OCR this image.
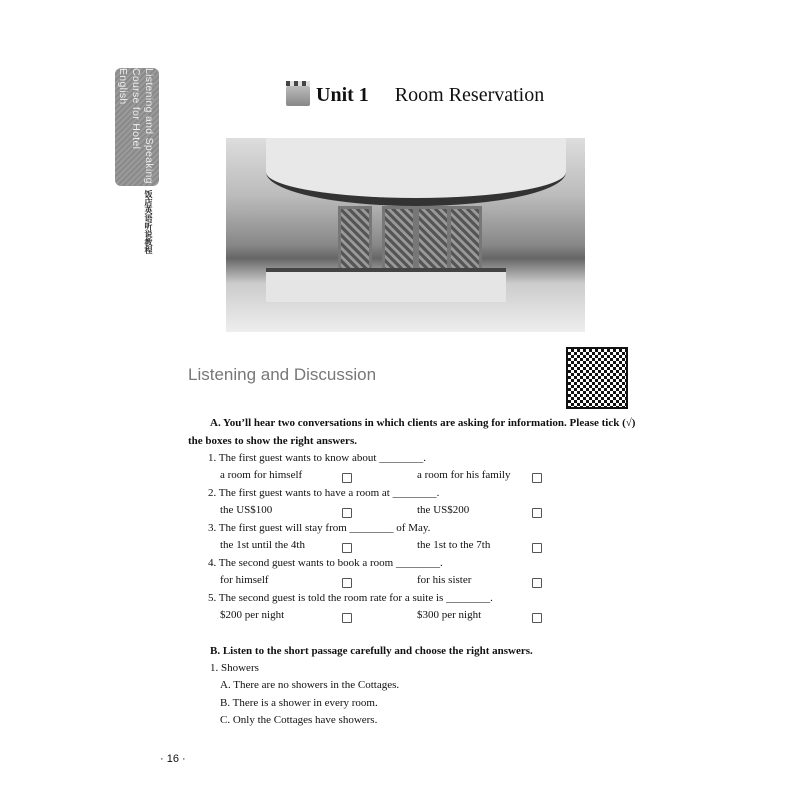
Listening and Speaking
Course for Hotel English
饭店英语听说教程
Unit 1 Room Reservation
Listening and Discussion
A. You’ll hear two conversations in which clients are asking for information. Please tick (√)
the boxes to show the right answers.
1. The first guest wants to know about ________.
a room for himself	a room for his family
2. The first guest wants to have a room at ________.
the US$100	the US$200
3. The first guest will stay from ________ of May.
the 1st until the 4th	the 1st to the 7th
4. The second guest wants to book a room ________.
for himself	for his sister
5. The second guest is told the room rate for a suite is ________.
$200 per night	$300 per night
B. Listen to the short passage carefully and choose the right answers.
1. Showers
A. There are no showers in the Cottages.
B. There is a shower in every room.
C. Only the Cottages have showers.
· 16 ·
